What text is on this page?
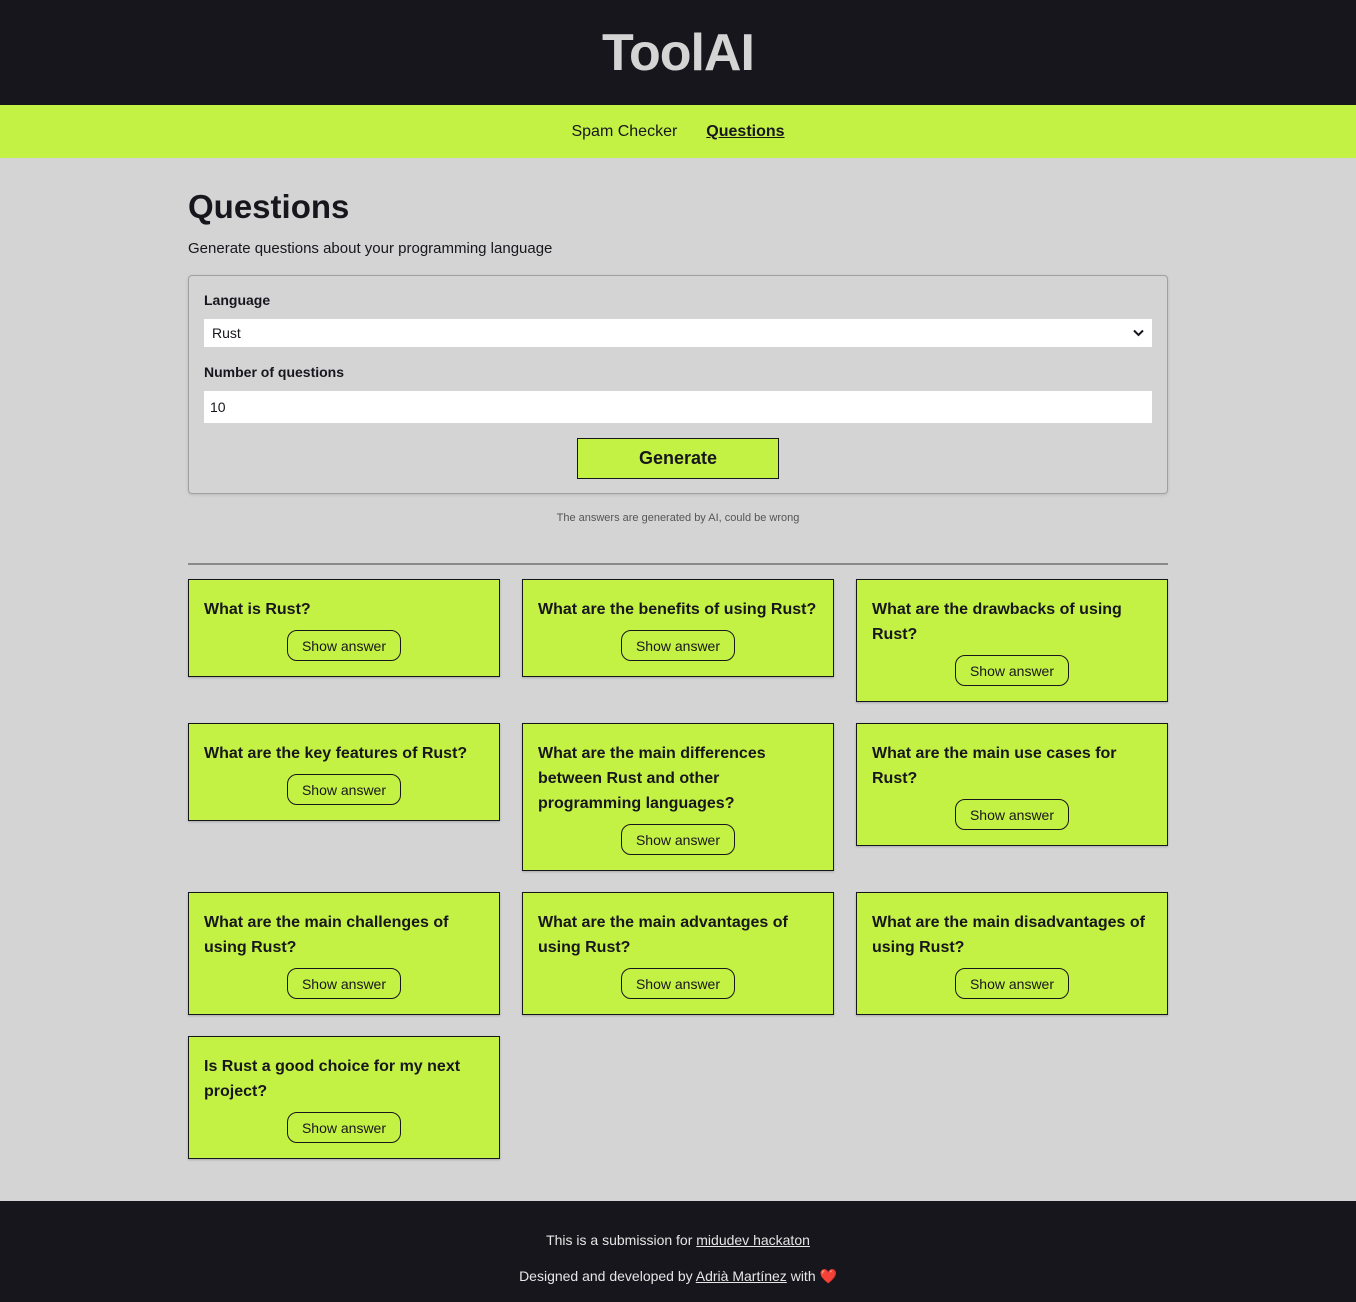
ToolAI
Spam Checker Questions
Questions

Generate questions about your programming language

Language
Rust
Number of questions
10
Generate

The answers are generated by AI, could be wrong

What is Rust?
Show answer
What are the benefits of using Rust?
Show answer
What are the drawbacks of using Rust?
Show answer
What are the key features of Rust?
Show answer
What are the main differences between Rust and other programming languages?
Show answer
What are the main use cases for Rust?
Show answer
What are the main challenges of using Rust?
Show answer
What are the main advantages of using Rust?
Show answer
What are the main disadvantages of using Rust?
Show answer
Is Rust a good choice for my next project?
Show answer

This is a submission for midudev hackaton

Designed and developed by Adrià Martínez with ❤️
